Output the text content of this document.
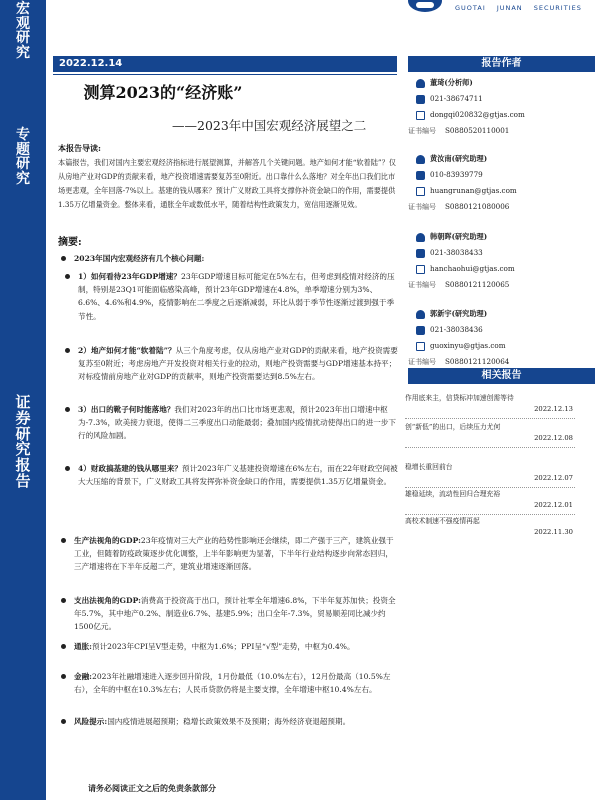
宏
观
研
究
专
题
研
究
证
券
研
究
报
告
GUOTAI JUNAN SECURITIES
2022.12.14
测算2023的“经济账”
——2023年中国宏观经济展望之二
本报告导读:
本篇报告，我们对国内主要宏观经济指标进行展望测算，并解答几个关键问题。地产如何才能“软着陆”？仅从房地产业对GDP的贡献来看，地产投资增速需要复苏至0附近。出口靠什么么落地？对全年出口我们比市场更悲观，全年回落-7%以上。基建的钱从哪来？预计广义财政工具将支撑你补资金缺口的作用，需要提供1.35万亿增量资金。整体来看，通胀全年或数低水平，随着结构性政策发力，宽信用逐渐见效。
摘要:
2023年国内宏观经济有几个核心问题:
1）如何看待23年GDP增速？23年GDP增速目标可能定在5%左右，但考虑到疫情对经济的压制，特别是23Q1可能面临感染高峰，预计23年GDP增速在4.8%，单季增速分别为3%、6.6%、4.6%和4.9%，疫情影响在二季度之后逐渐减弱，环比从弱于季节性逐渐过渡到强于季节性。
2）地产如何才能“软着陆”？从三个角度考虑，仅从房地产业对GDP的贡献来看，地产投资需要复苏至0附近；考虑房地产开发投资对相关行业的拉动，则地产投资需要与GDP增速基本持平；对标疫情前房地产业对GDP的贡献率，则地产投资需要达到8.5%左右。
3）出口的靴子何时能落地？我们对2023年的出口比市场更悲观，预计2023年出口增速中枢为-7.3%，欧美接力衰退，使得二三季度出口动能最弱；叠加国内疫情扰动使得出口的进一步下行的风险加剧。
4）财政搞基建的钱从哪里来？预计2023年广义基建投资增速在6%左右，而在22年财政空间被大大压缩的背景下，广义财政工具将发挥弥补资金缺口的作用，需要提供1.35万亿增量资金。
生产法视角的GDP:23年疫情对三大产业的趋势性影响还会继续，即二产强于三产，建筑业强于工业，但随着防疫政策逐步优化调整，上半年影响更为显著，下半年行业结构逐步向常态回归，三产增速将在下半年反超二产，建筑业增速逐渐回落。
支出法视角的GDP:消费高于投资高于出口，预计社零全年增速6.8%，下半年复苏加快；投资全年5.7%，其中地产0.2%、制造业6.7%、基建5.9%；出口全年-7.3%，贸易顺差同比减少约1500亿元。
通胀:预计2023年CPI呈V型走势，中枢为1.6%；PPI呈“√型”走势，中枢为0.4%。
金融:2023年社融增速进入逐步回升阶段，1月份最低（10.0%左右），12月份最高（10.5%左右），全年的中枢在10.3%左右；人民币贷款仍将是主要支撑，全年增速中枢10.4%左右。
风险提示:国内疫情进展超预期；稳增长政策效果不及预期；海外经济衰退超预期。
请务必阅读正文之后的免责条款部分
报告作者
董琦(分析师)
021-38674711
dongqi020832@gtjas.com
证书编号 S0880520110001
黄汝南(研究助理)
010-83939779
huangrunan@gtjas.com
证书编号 S0880121080006
韩朝晖(研究助理)
021-38038433
hanchaohui@gtjas.com
证书编号 S0880121120065
郭新宇(研究助理)
021-38038436
guoxinyu@gtjas.com
证书编号 S0880121120064
相关报告
作用底来主，信贷标冲加速创需等待
2022.12.13
创“新低”的出口，后续压力尤何
2022.12.08
稳增长重回前台
2022.12.07
雄稳延续，流动性回归合理充裕
2022.12.01
高校术制速不强疫情再起
2022.11.30
